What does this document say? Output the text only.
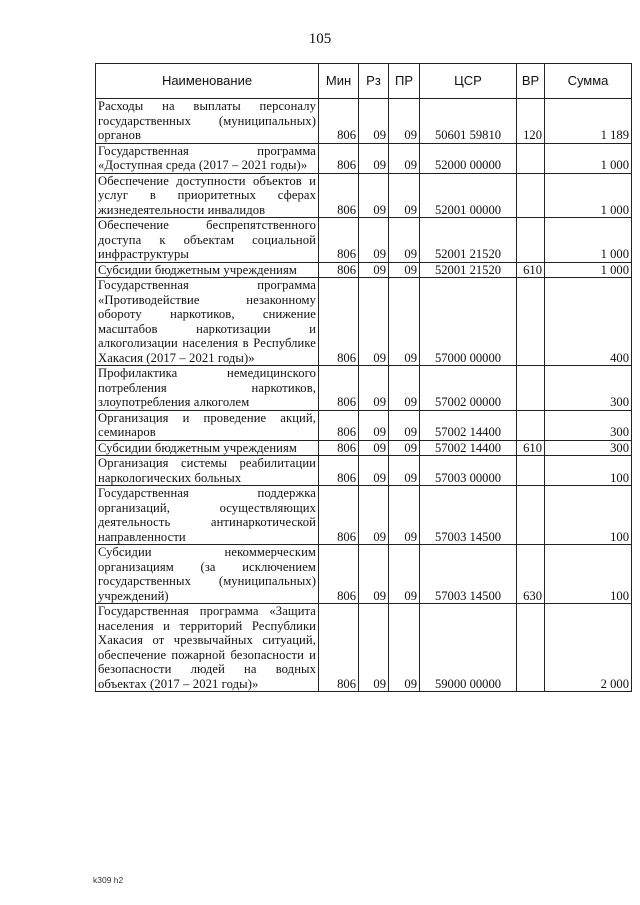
105
Наименование	Мин	Рз	ПР	ЦСР	ВР	Сумма
Расходы на выплаты персоналу государственных (муниципальных) органов	806	09	09	50601 59810	120	1 189
Государственная программа «Доступная среда (2017 – 2021 годы)»	806	09	09	52000 00000		1 000
Обеспечение доступности объектов и услуг в приоритетных сферах жизнедеятельности инвалидов	806	09	09	52001 00000		1 000
Обеспечение беспрепятственного доступа к объектам социальной инфраструктуры	806	09	09	52001 21520		1 000
Субсидии бюджетным учреждениям	806	09	09	52001 21520	610	1 000
Государственная программа «Противодействие незаконному обороту наркотиков, снижение масштабов наркотизации и алкоголизации населения в Республике Хакасия (2017 – 2021 годы)»	806	09	09	57000 00000		400
Профилактика немедицинского потребления наркотиков, злоупотребления алкоголем	806	09	09	57002 00000		300
Организация и проведение акций, семинаров	806	09	09	57002 14400		300
Субсидии бюджетным учреждениям	806	09	09	57002 14400	610	300
Организация системы реабилитации наркологических больных	806	09	09	57003 00000		100
Государственная поддержка организаций, осуществляющих деятельность антинаркотической направленности	806	09	09	57003 14500		100
Субсидии некоммерческим организациям (за исключением государственных (муниципальных) учреждений)	806	09	09	57003 14500	630	100
Государственная программа «Защита населения и территорий Республики Хакасия от чрезвычайных ситуаций, обеспечение пожарной безопасности и безопасности людей на водных объектах (2017 – 2021 годы)»	806	09	09	59000 00000		2 000
k309 h2
